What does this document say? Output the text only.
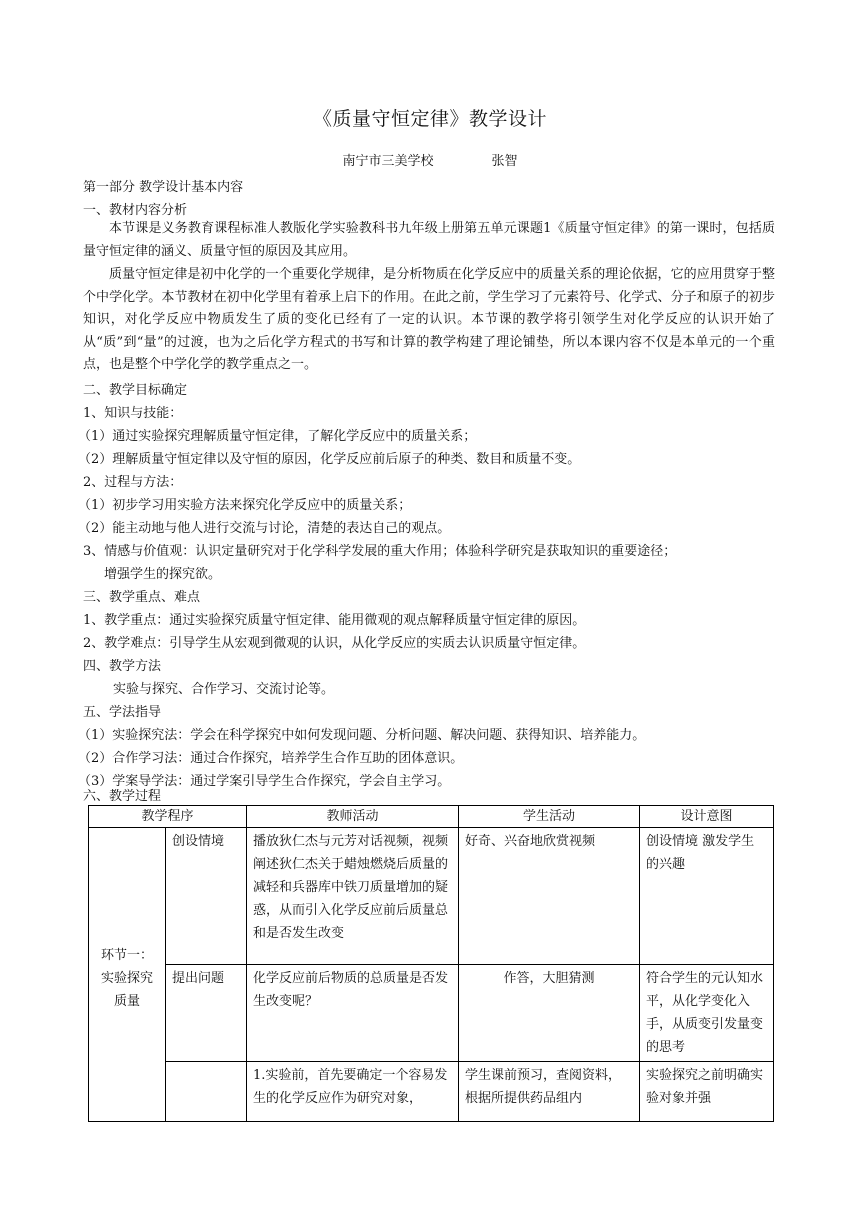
《质量守恒定律》教学设计
南宁市三美学校	张智
第一部分 教学设计基本内容
一、教材内容分析
本节课是义务教育课程标准人教版化学实验教科书九年级上册第五单元课题1《质量守恒定律》的第一课时，包括质量守恒定律的涵义、质量守恒的原因及其应用。
质量守恒定律是初中化学的一个重要化学规律，是分析物质在化学反应中的质量关系的理论依据，它的应用贯穿于整个中学化学。本节教材在初中化学里有着承上启下的作用。在此之前，学生学习了元素符号、化学式、分子和原子的初步知识，对化学反应中物质发生了质的变化已经有了一定的认识。本节课的教学将引领学生对化学反应的认识开始了从“质”到“量”的过渡，也为之后化学方程式的书写和计算的教学构建了理论铺垫，所以本课内容不仅是本单元的一个重点，也是整个中学化学的教学重点之一。
二、教学目标确定
1、知识与技能：
（1）通过实验探究理解质量守恒定律，了解化学反应中的质量关系；
（2）理解质量守恒定律以及守恒的原因，化学反应前后原子的种类、数目和质量不变。
2、过程与方法：
（1）初步学习用实验方法来探究化学反应中的质量关系；
（2）能主动地与他人进行交流与讨论，清楚的表达自己的观点。
3、情感与价值观：认识定量研究对于化学科学发展的重大作用；体验科学研究是获取知识的重要途径；
增强学生的探究欲。
三、教学重点、难点
1、教学重点：通过实验探究质量守恒定律、能用微观的观点解释质量守恒定律的原因。
2、教学难点：引导学生从宏观到微观的认识，从化学反应的实质去认识质量守恒定律。
四、教学方法
实验与探究、合作学习、交流讨论等。
五、学法指导
（1）实验探究法：学会在科学探究中如何发现问题、分析问题、解决问题、获得知识、培养能力。
（2）合作学习法：通过合作探究，培养学生合作互助的团体意识。
（3）学案导学法：通过学案引导学生合作探究，学会自主学习。
六、教学过程
教学程序		教师活动	学生活动	设计意图
环节一：实验探究质量	创设情境	播放狄仁杰与元芳对话视频，视频阐述狄仁杰关于蜡烛燃烧后质量的减轻和兵器库中铁刀质量增加的疑惑，从而引入化学反应前后质量总和是否发生改变	好奇、兴奋地欣赏视频	创设情境 激发学生的兴趣
	提出问题	化学反应前后物质的总质量是否发生改变呢？	作答，大胆猜测	符合学生的元认知水平，从化学变化入手，从质变引发量变的思考
		1.实验前，首先要确定一个容易发生的化学反应作为研究对象，	学生课前预习，查阅资料，根据所提供药品组内	实验探究之前明确实验对象并强
